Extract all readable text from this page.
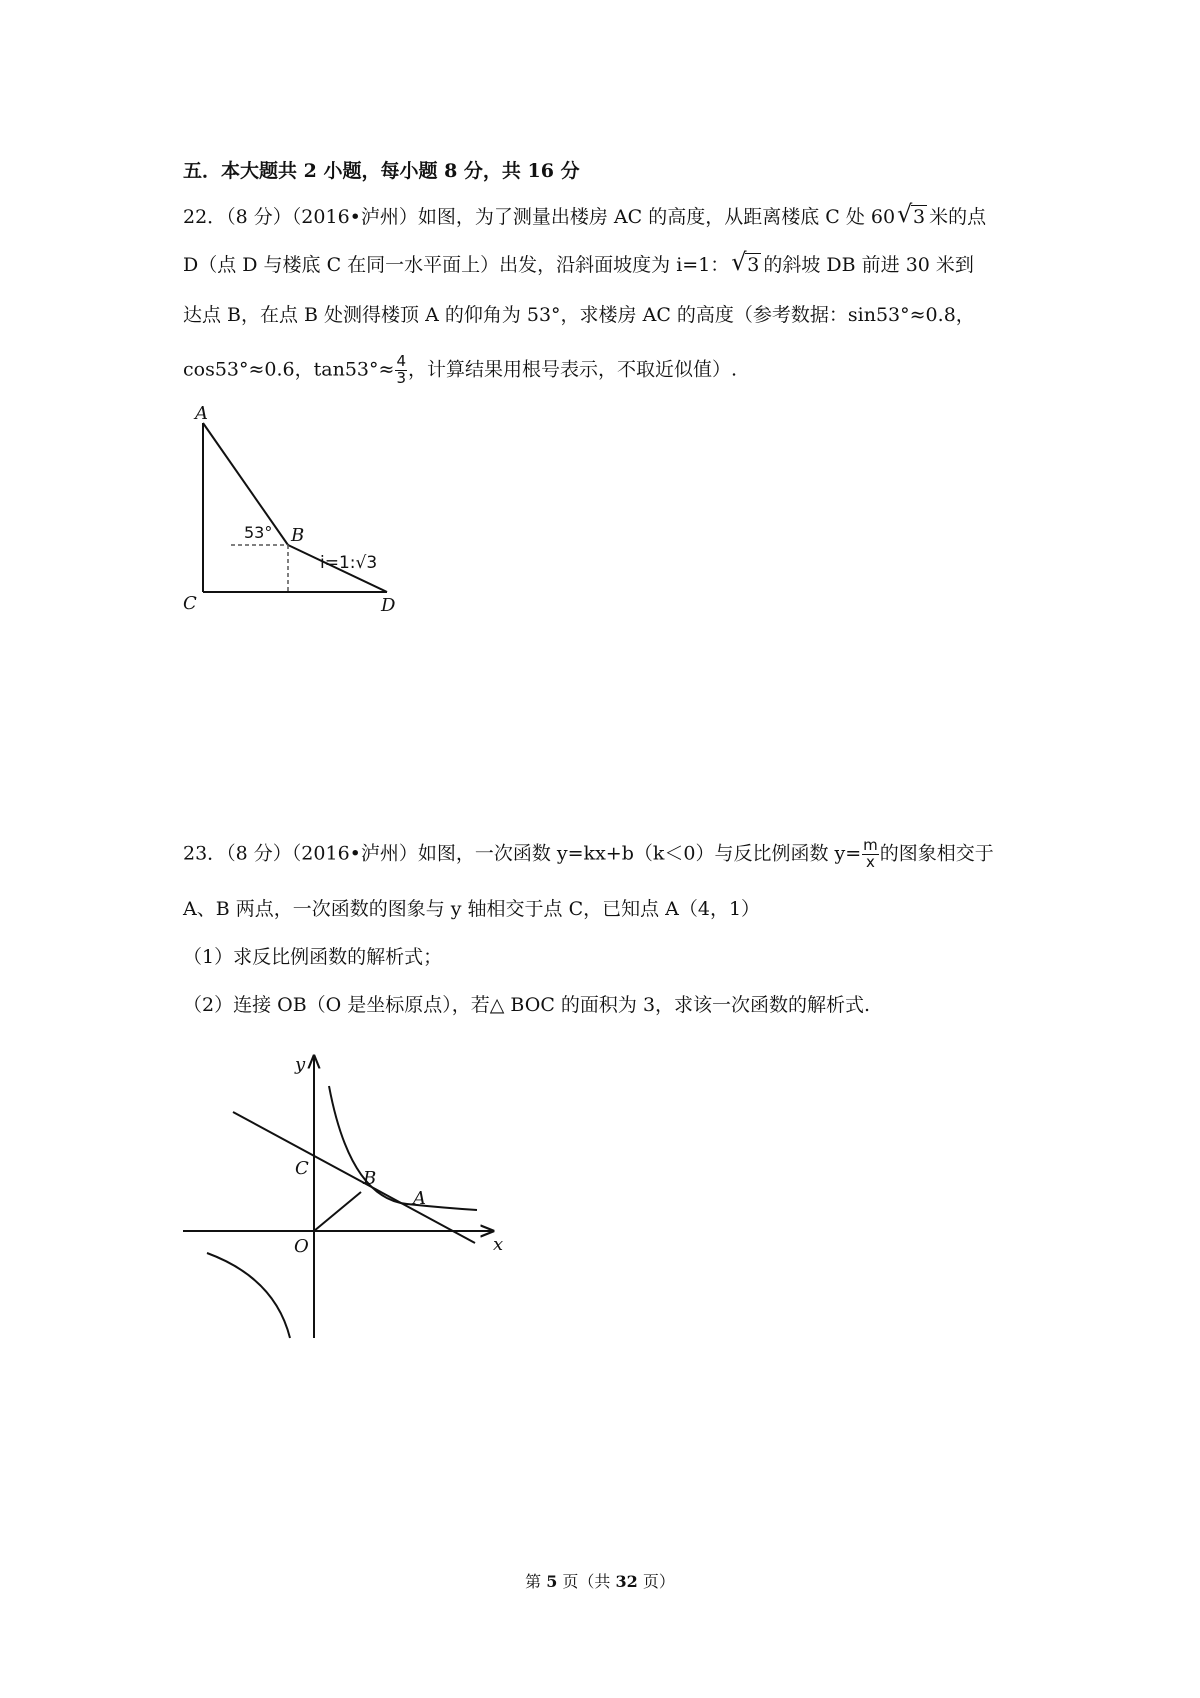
五．本大题共 2 小题，每小题 8 分，共 16 分
22．（8 分）（2016•泸州）如图，为了测量出楼房 AC 的高度，从距离楼底 C 处 60 √ 3 米的点
D（点 D 与楼底 C 在同一水平面上）出发，沿斜面坡度为 i=1： √ 3 的斜坡 DB 前进 30 米到
达点 B，在点 B 处测得楼顶 A 的仰角为 53°，求楼房 AC 的高度（参考数据：sin53°≈0.8，
cos53°≈0.6，$\tan 53^\circ\approx \frac{4}{3}$ ，计算结果用根号表示，不取近似值）.
A
B
C	D
53°
i=1:√3
23．（8 分）（2016•泸州）如图，一次函数 y=kx+b（k＜0）与反比例函数 $y= \frac{m}{x}$ 的图象相交于
A、B 两点，一次函数的图象与 y 轴相交于点 C，已知点 A（4，1）
（1）求反比例函数的解析式；
（2）连接 OB（O 是坐标原点），若△ BOC 的面积为 3，求该一次函数的解析式.
y
x
C	B
A
O
第 5 页（共 32 页）
